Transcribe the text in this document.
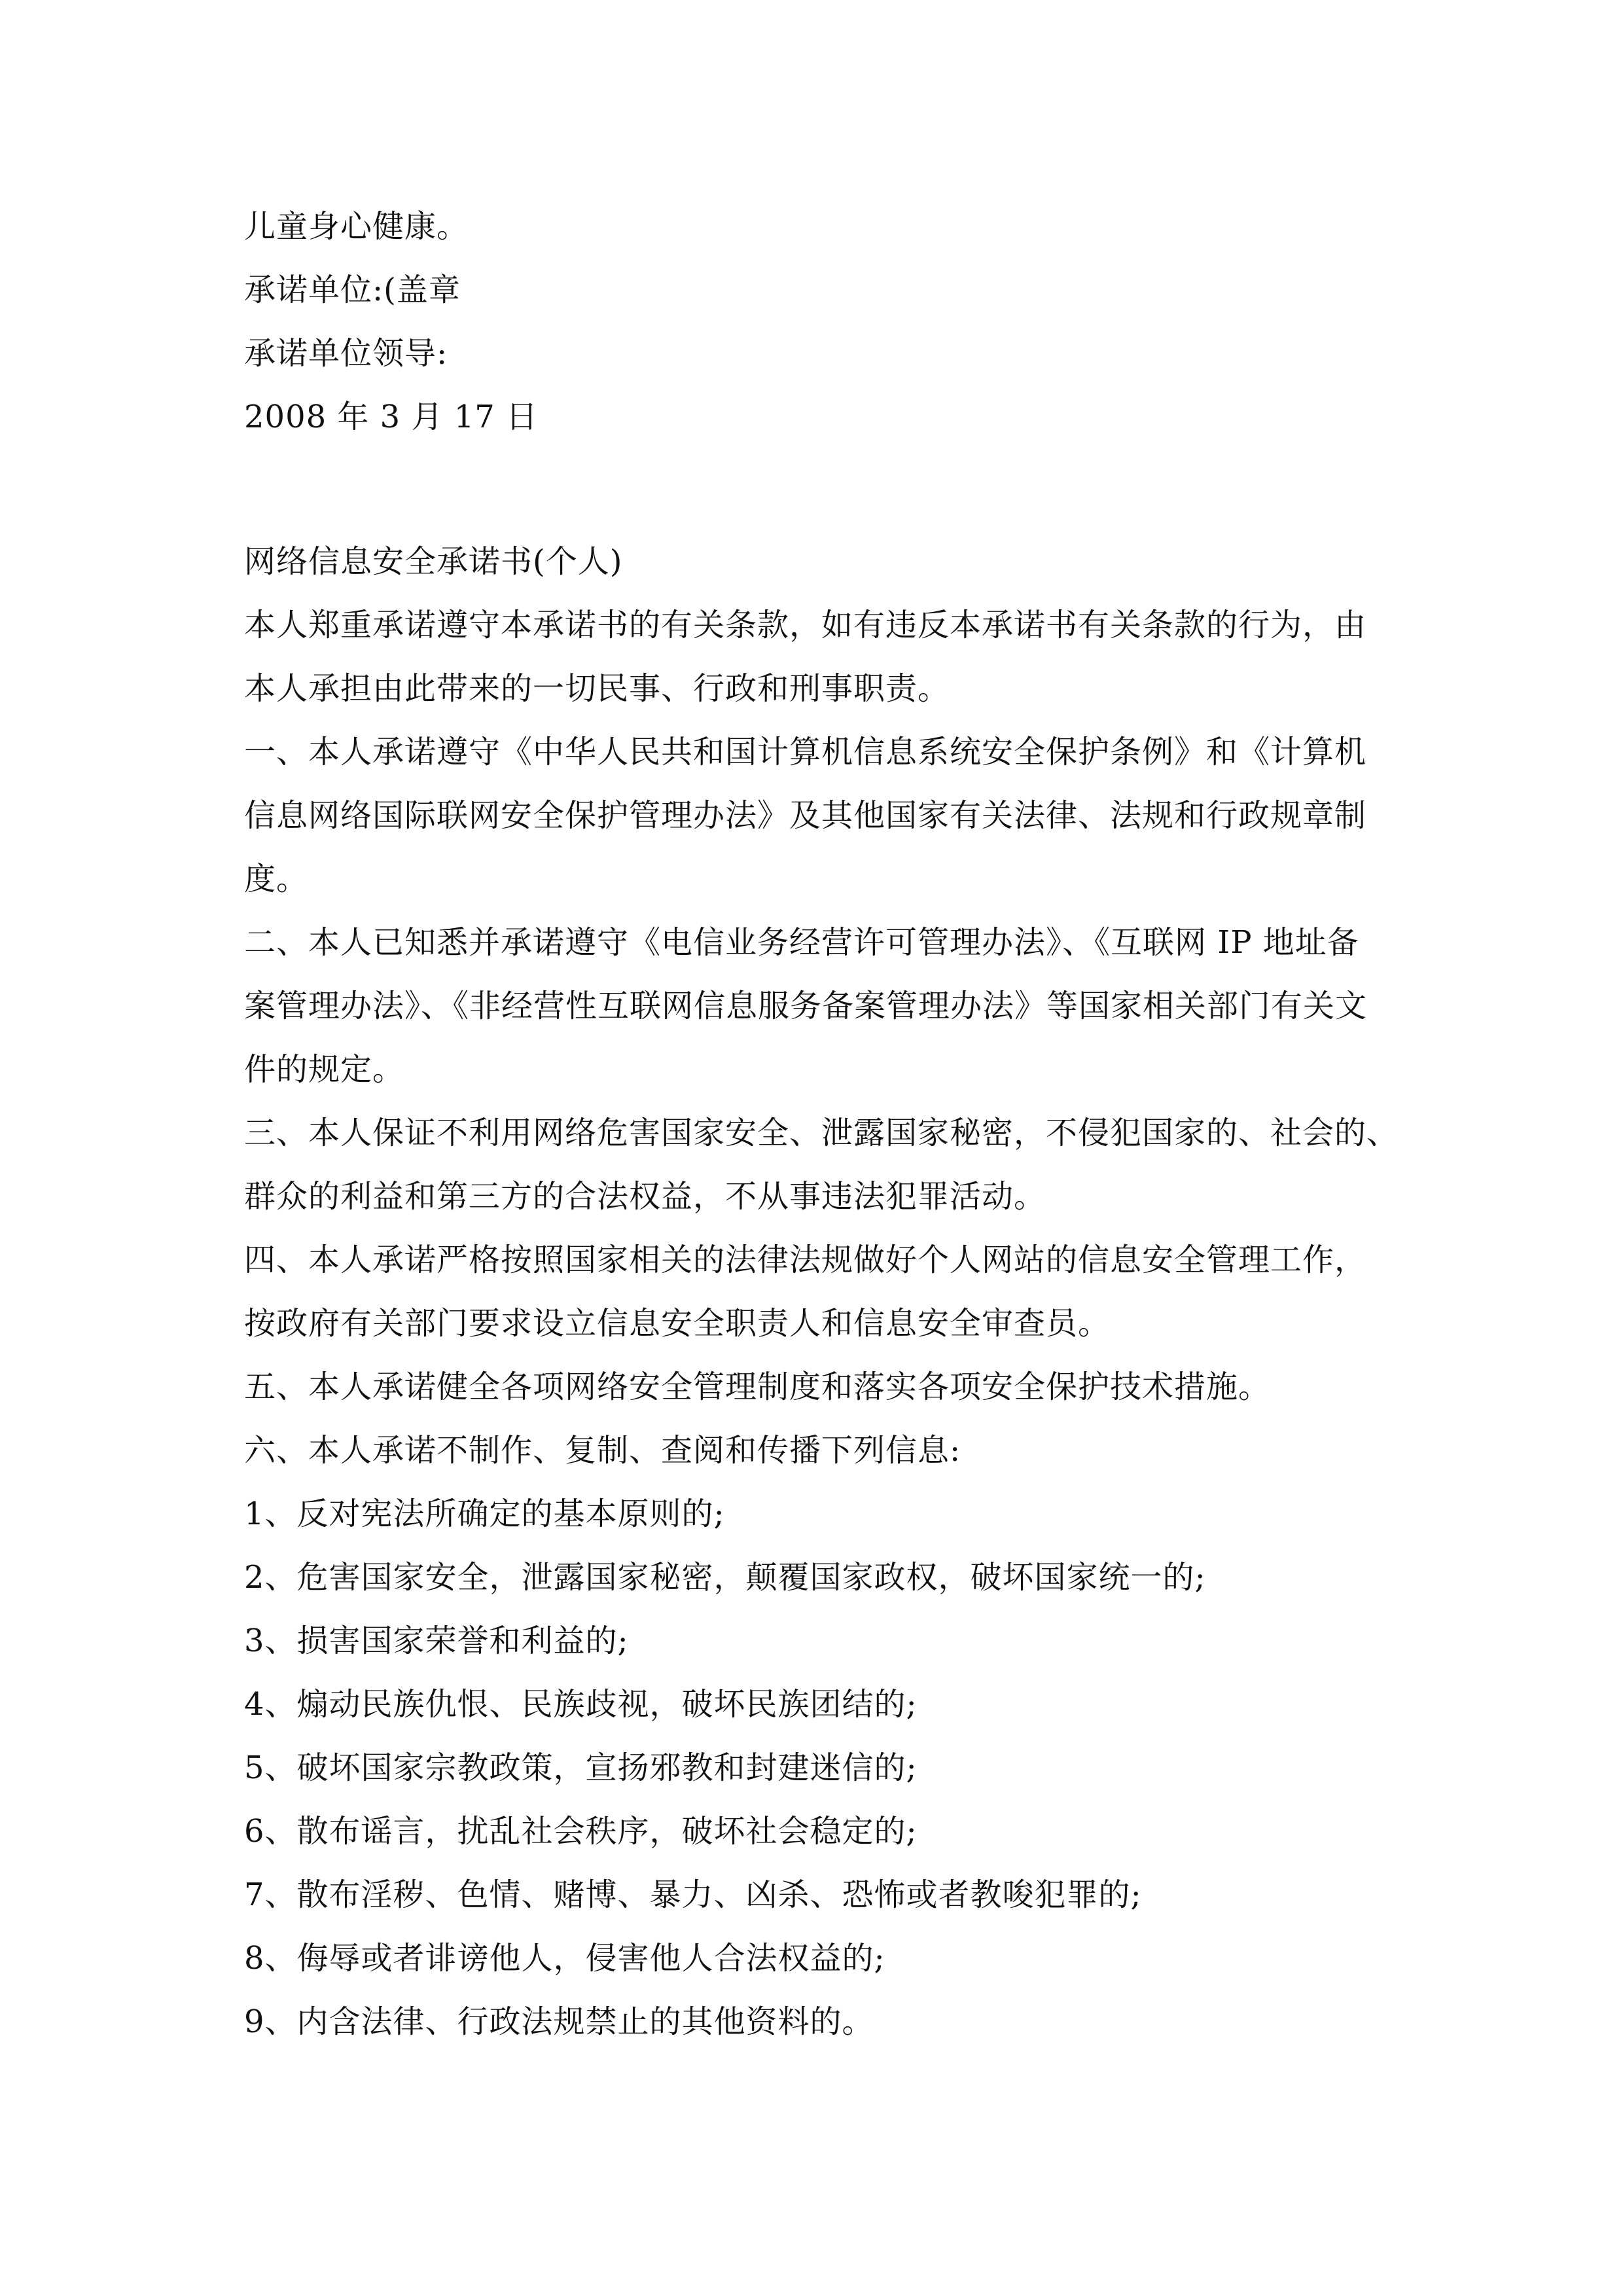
儿童身心健康。
承诺单位:(盖章
承诺单位领导:
2008 年 3 月 17 日
网络信息安全承诺书(个人)
本人郑重承诺遵守本承诺书的有关条款，如有违反本承诺书有关条款的行为，由
本人承担由此带来的一切民事、行政和刑事职责。
一、本人承诺遵守《中华人民共和国计算机信息系统安全保护条例》和《计算机
信息网络国际联网安全保护管理办法》及其他国家有关法律、法规和行政规章制
度。
二、本人已知悉并承诺遵守《电信业务经营许可管理办法》、《互联网 IP 地址备
案管理办法》、《非经营性互联网信息服务备案管理办法》等国家相关部门有关文
件的规定。
三、本人保证不利用网络危害国家安全、泄露国家秘密，不侵犯国家的、社会的、
群众的利益和第三方的合法权益，不从事违法犯罪活动。
四、本人承诺严格按照国家相关的法律法规做好个人网站的信息安全管理工作，
按政府有关部门要求设立信息安全职责人和信息安全审查员。
五、本人承诺健全各项网络安全管理制度和落实各项安全保护技术措施。
六、本人承诺不制作、复制、查阅和传播下列信息:
1、反对宪法所确定的基本原则的;
2、危害国家安全，泄露国家秘密，颠覆国家政权，破坏国家统一的;
3、损害国家荣誉和利益的;
4、煽动民族仇恨、民族歧视，破坏民族团结的;
5、破坏国家宗教政策，宣扬邪教和封建迷信的;
6、散布谣言，扰乱社会秩序，破坏社会稳定的;
7、散布淫秽、色情、赌博、暴力、凶杀、恐怖或者教唆犯罪的;
8、侮辱或者诽谤他人，侵害他人合法权益的;
9、内含法律、行政法规禁止的其他资料的。
